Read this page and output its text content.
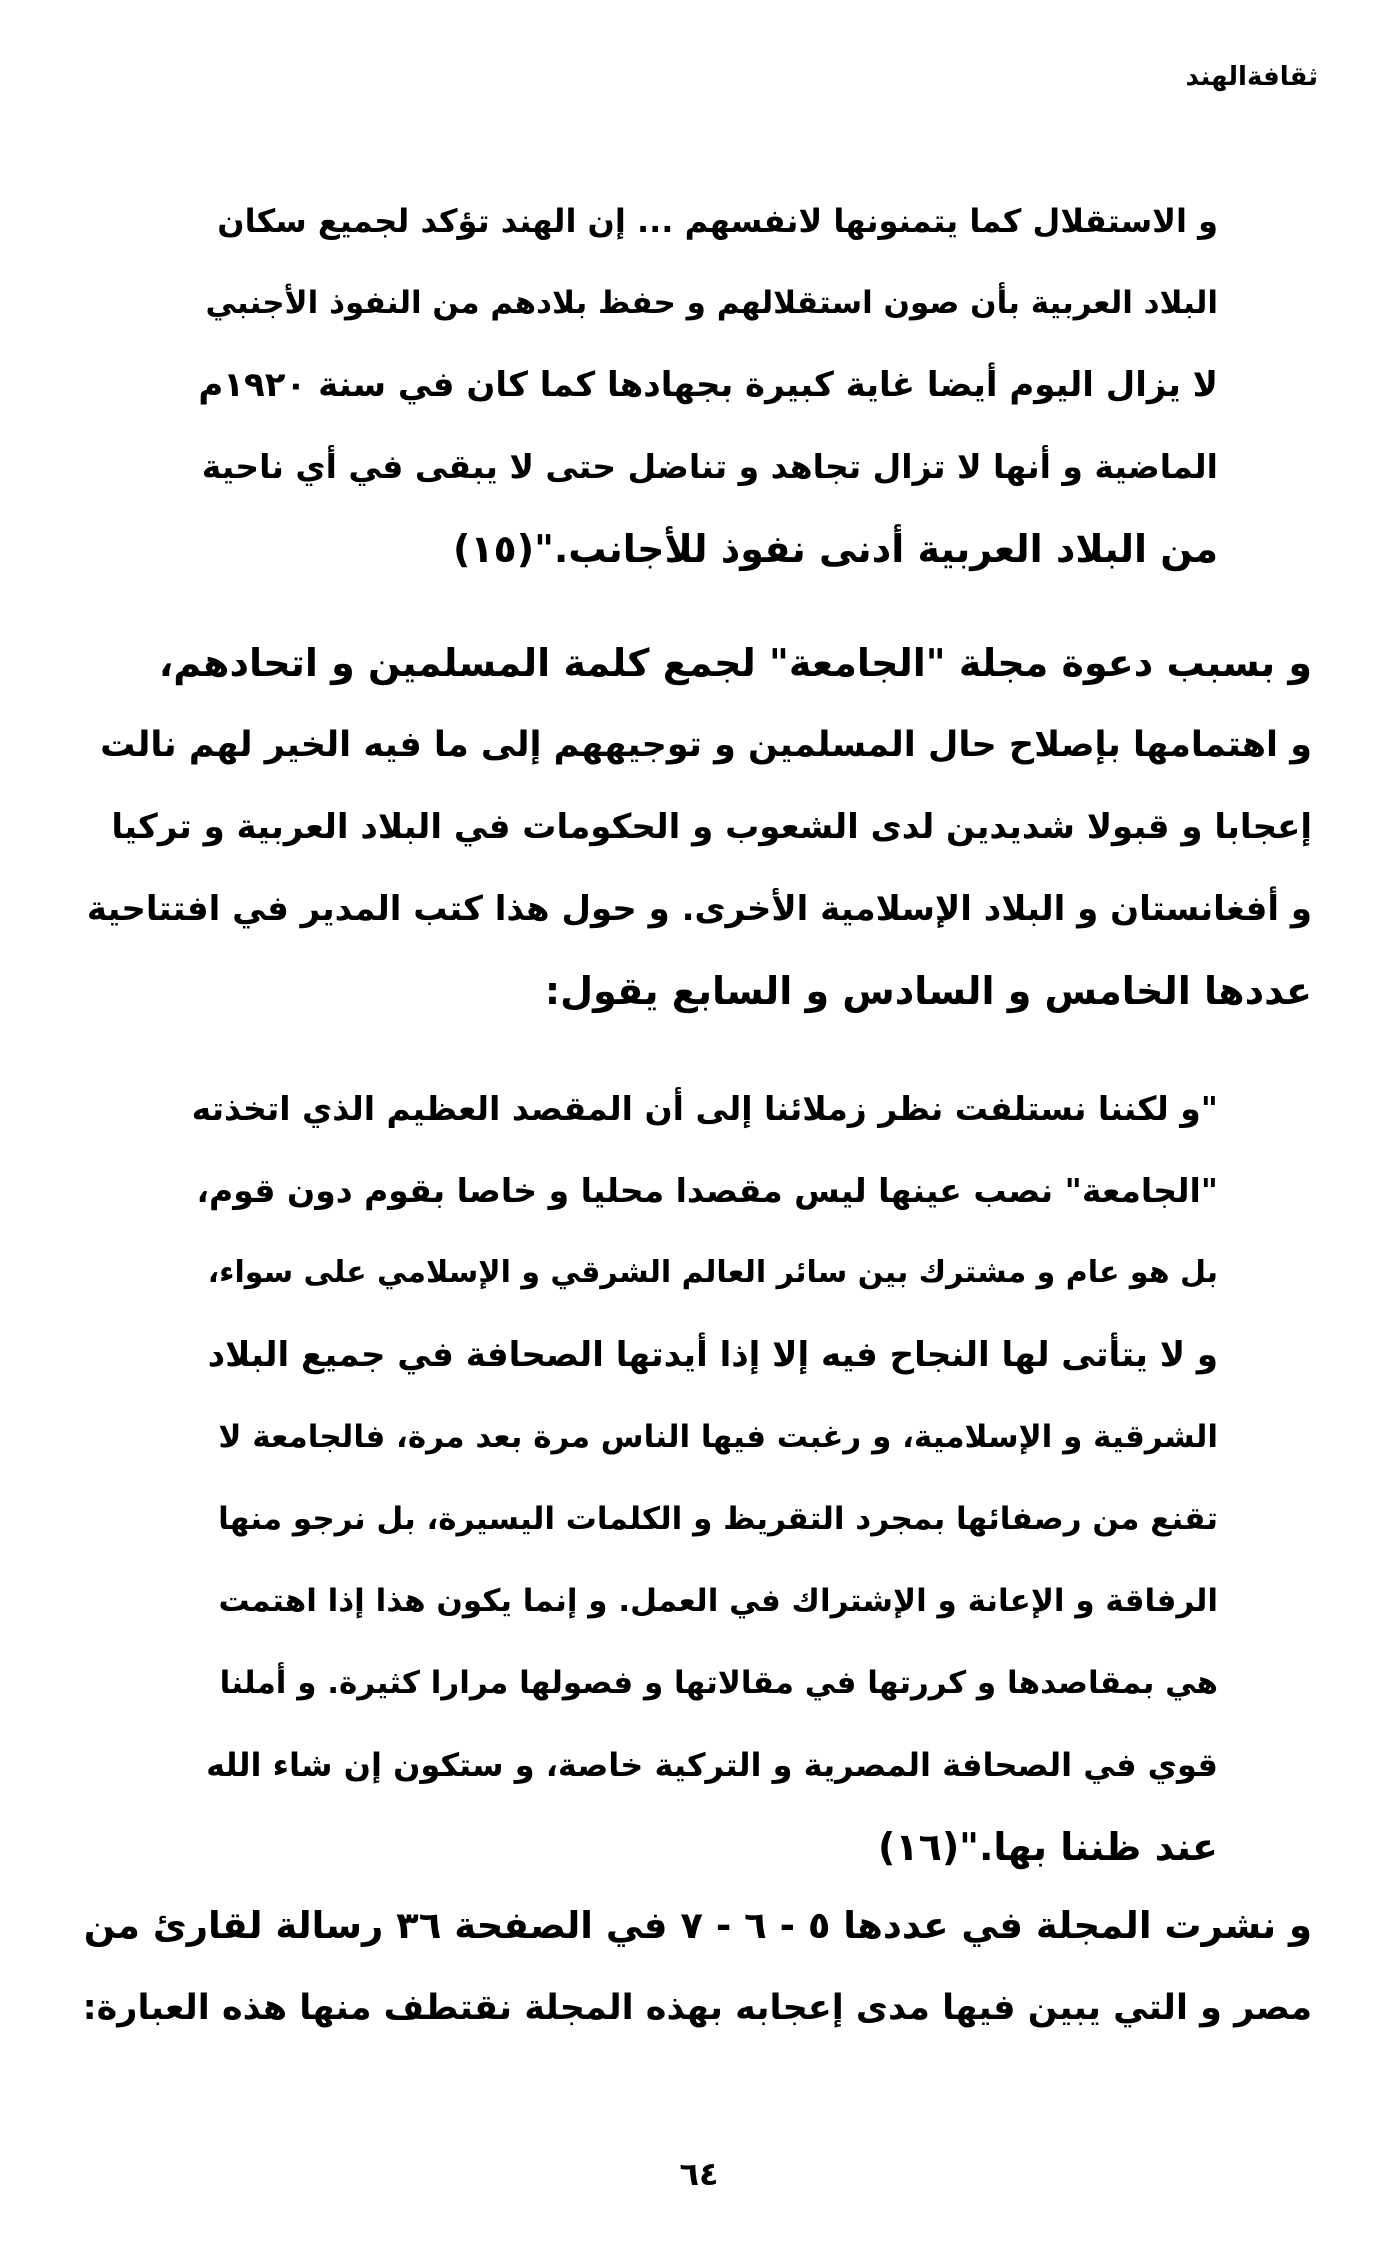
ثقافةالهند
و الاستقلال كما يتمنونها لانفسهم ... إن الهند تؤكد لجميع سكان
البلاد العربية بأن صون استقلالهم و حفظ بلادهم من النفوذ الأجنبي
لا يزال اليوم أيضا غاية كبيرة بجهادها كما كان في سنة ١٩٢٠م
الماضية و أنها لا تزال تجاهد و تناضل حتى لا يبقى في أي ناحية
من البلاد العربية أدنى نفوذ للأجانب."(١٥)
و بسبب دعوة مجلة "الجامعة" لجمع كلمة المسلمين و اتحادهم،
و اهتمامها بإصلاح حال المسلمين و توجيههم إلى ما فيه الخير لهم نالت
إعجابا و قبولا شديدين لدى الشعوب و الحكومات في البلاد العربية و تركيا
و أفغانستان و البلاد الإسلامية الأخرى. و حول هذا كتب المدير في افتتاحية
عددها الخامس و السادس و السابع يقول:
"و لكننا نستلفت نظر زملائنا إلى أن المقصد العظيم الذي اتخذته
"الجامعة" نصب عينها ليس مقصدا محليا و خاصا بقوم دون قوم،
بل هو عام و مشترك بين سائر العالم الشرقي و الإسلامي على سواء،
و لا يتأتى لها النجاح فيه إلا إذا أيدتها الصحافة في جميع البلاد
الشرقية و الإسلامية، و رغبت فيها الناس مرة بعد مرة، فالجامعة لا
تقنع من رصفائها بمجرد التقريظ و الكلمات اليسيرة، بل نرجو منها
الرفاقة و الإعانة و الإشتراك في العمل. و إنما يكون هذا إذا اهتمت
هي بمقاصدها و كررتها في مقالاتها و فصولها مرارا كثيرة. و أملنا
قوي في الصحافة المصرية و التركية خاصة، و ستكون إن شاء الله
عند ظننا بها."(١٦)
و نشرت المجلة في عددها ٥ - ٦ - ٧ في الصفحة ٣٦ رسالة لقارئ من
مصر و التي يبين فيها مدى إعجابه بهذه المجلة نقتطف منها هذه العبارة:
٦٤
